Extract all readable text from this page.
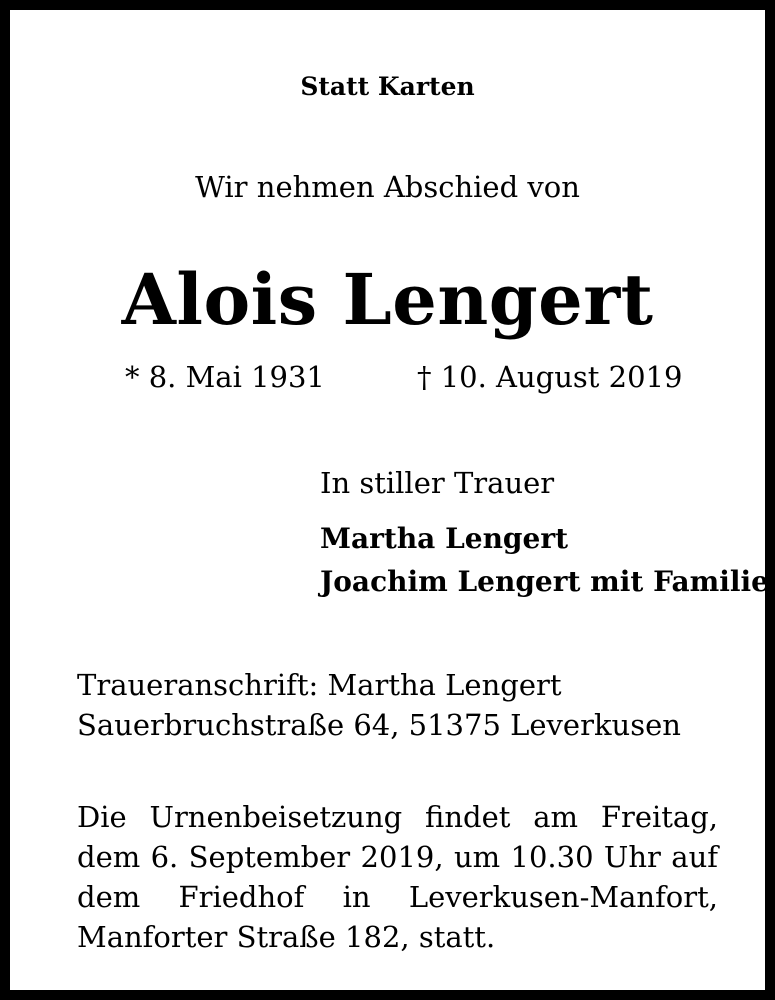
Statt Karten
Wir nehmen Abschied von
Alois Lengert
* 8. Mai 1931	† 10. August 2019
In stiller Trauer
Martha Lengert
Joachim Lengert mit Familie
Traueranschrift: Martha Lengert
Sauerbruchstraße 64, 51375 Leverkusen
Die Urnenbeisetzung findet am Freitag, dem 6. September 2019, um 10.30 Uhr auf dem Friedhof in Leverkusen-Manfort, Manforter Straße 182, statt.
